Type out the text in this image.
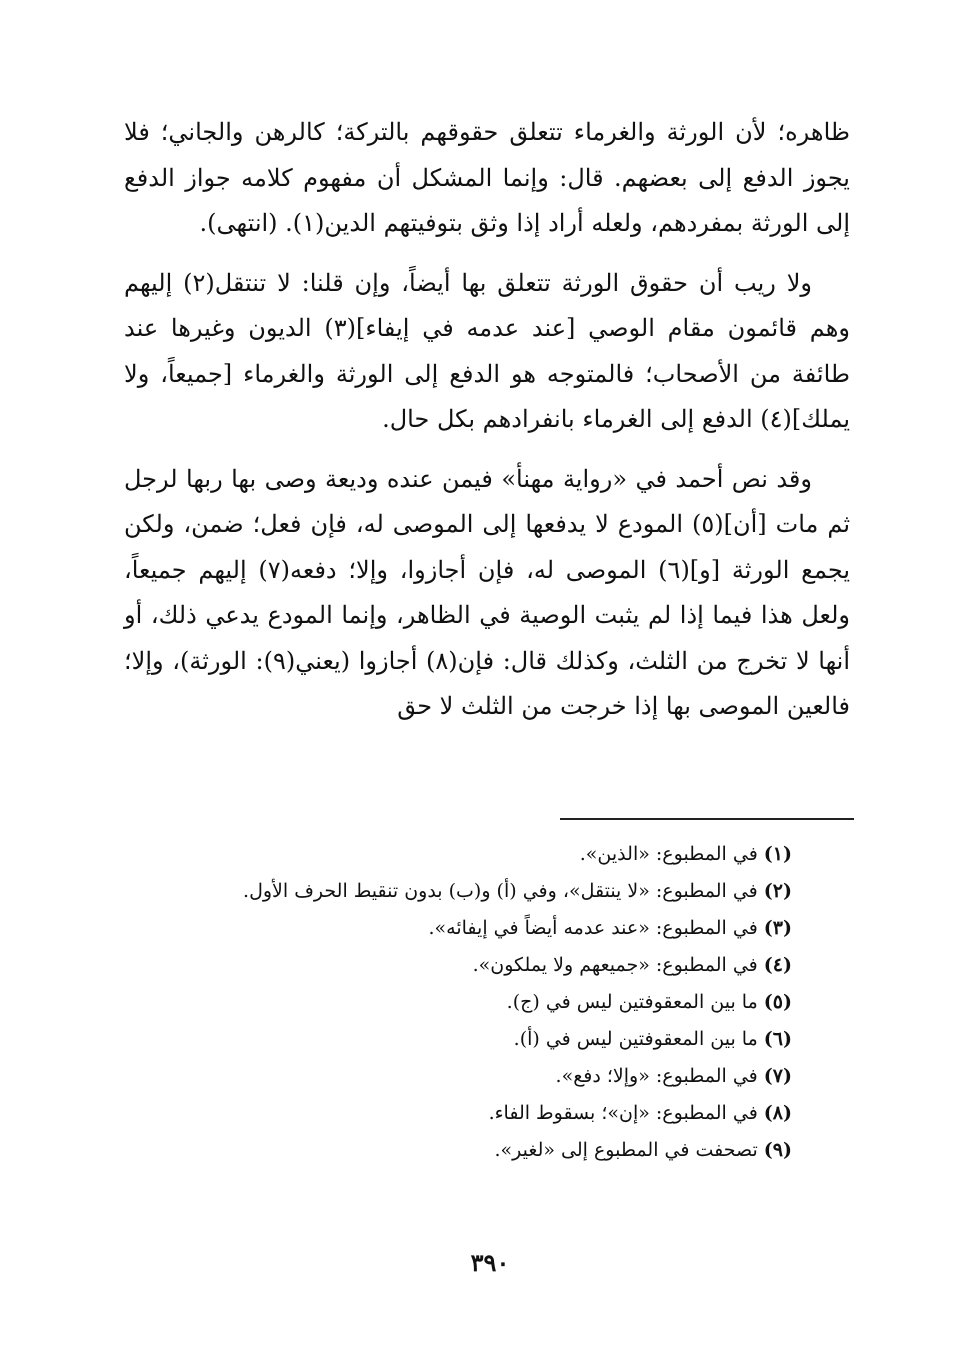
ظاهره؛ لأن الورثة والغرماء تتعلق حقوقهم بالتركة؛ كالرهن والجاني؛ فلا يجوز الدفع إلى بعضهم. قال: وإنما المشكل أن مفهوم كلامه جواز الدفع إلى الورثة بمفردهم، ولعله أراد إذا وثق بتوفيتهم الدين(١). (انتهى).

ولا ريب أن حقوق الورثة تتعلق بها أيضاً، وإن قلنا: لا تنتقل(٢) إليهم وهم قائمون مقام الوصي [عند عدمه في إيفاء](٣) الديون وغيرها عند طائفة من الأصحاب؛ فالمتوجه هو الدفع إلى الورثة والغرماء [جميعاً، ولا يملك](٤) الدفع إلى الغرماء بانفرادهم بكل حال.

وقد نص أحمد في «رواية مهنأ» فيمن عنده وديعة وصى بها ربها لرجل ثم مات [أن](٥) المودع لا يدفعها إلى الموصى له، فإن فعل؛ ضمن، ولكن يجمع الورثة [و](٦) الموصى له، فإن أجازوا، وإلا؛ دفعه(٧) إليهم جميعاً، ولعل هذا فيما إذا لم يثبت الوصية في الظاهر، وإنما المودع يدعي ذلك، أو أنها لا تخرج من الثلث، وكذلك قال: فإن(٨) أجازوا (يعني(٩): الورثة)، وإلا؛ فالعين الموصى بها إذا خرجت من الثلث لا حق

(١)في المطبوع: «الذين».
(٢)في المطبوع: «لا ينتقل»، وفي (أ) و(ب) بدون تنقيط الحرف الأول.
(٣)في المطبوع: «عند عدمه أيضاً في إيفائه».
(٤)في المطبوع: «جميعهم ولا يملكون».
(٥)ما بين المعقوفتين ليس في (ج).
(٦)ما بين المعقوفتين ليس في (أ).
(٧)في المطبوع: «وإلا؛ دفع».
(٨)في المطبوع: «إن»؛ بسقوط الفاء.
(٩)تصحفت في المطبوع إلى «لغير».
٣٩٠
